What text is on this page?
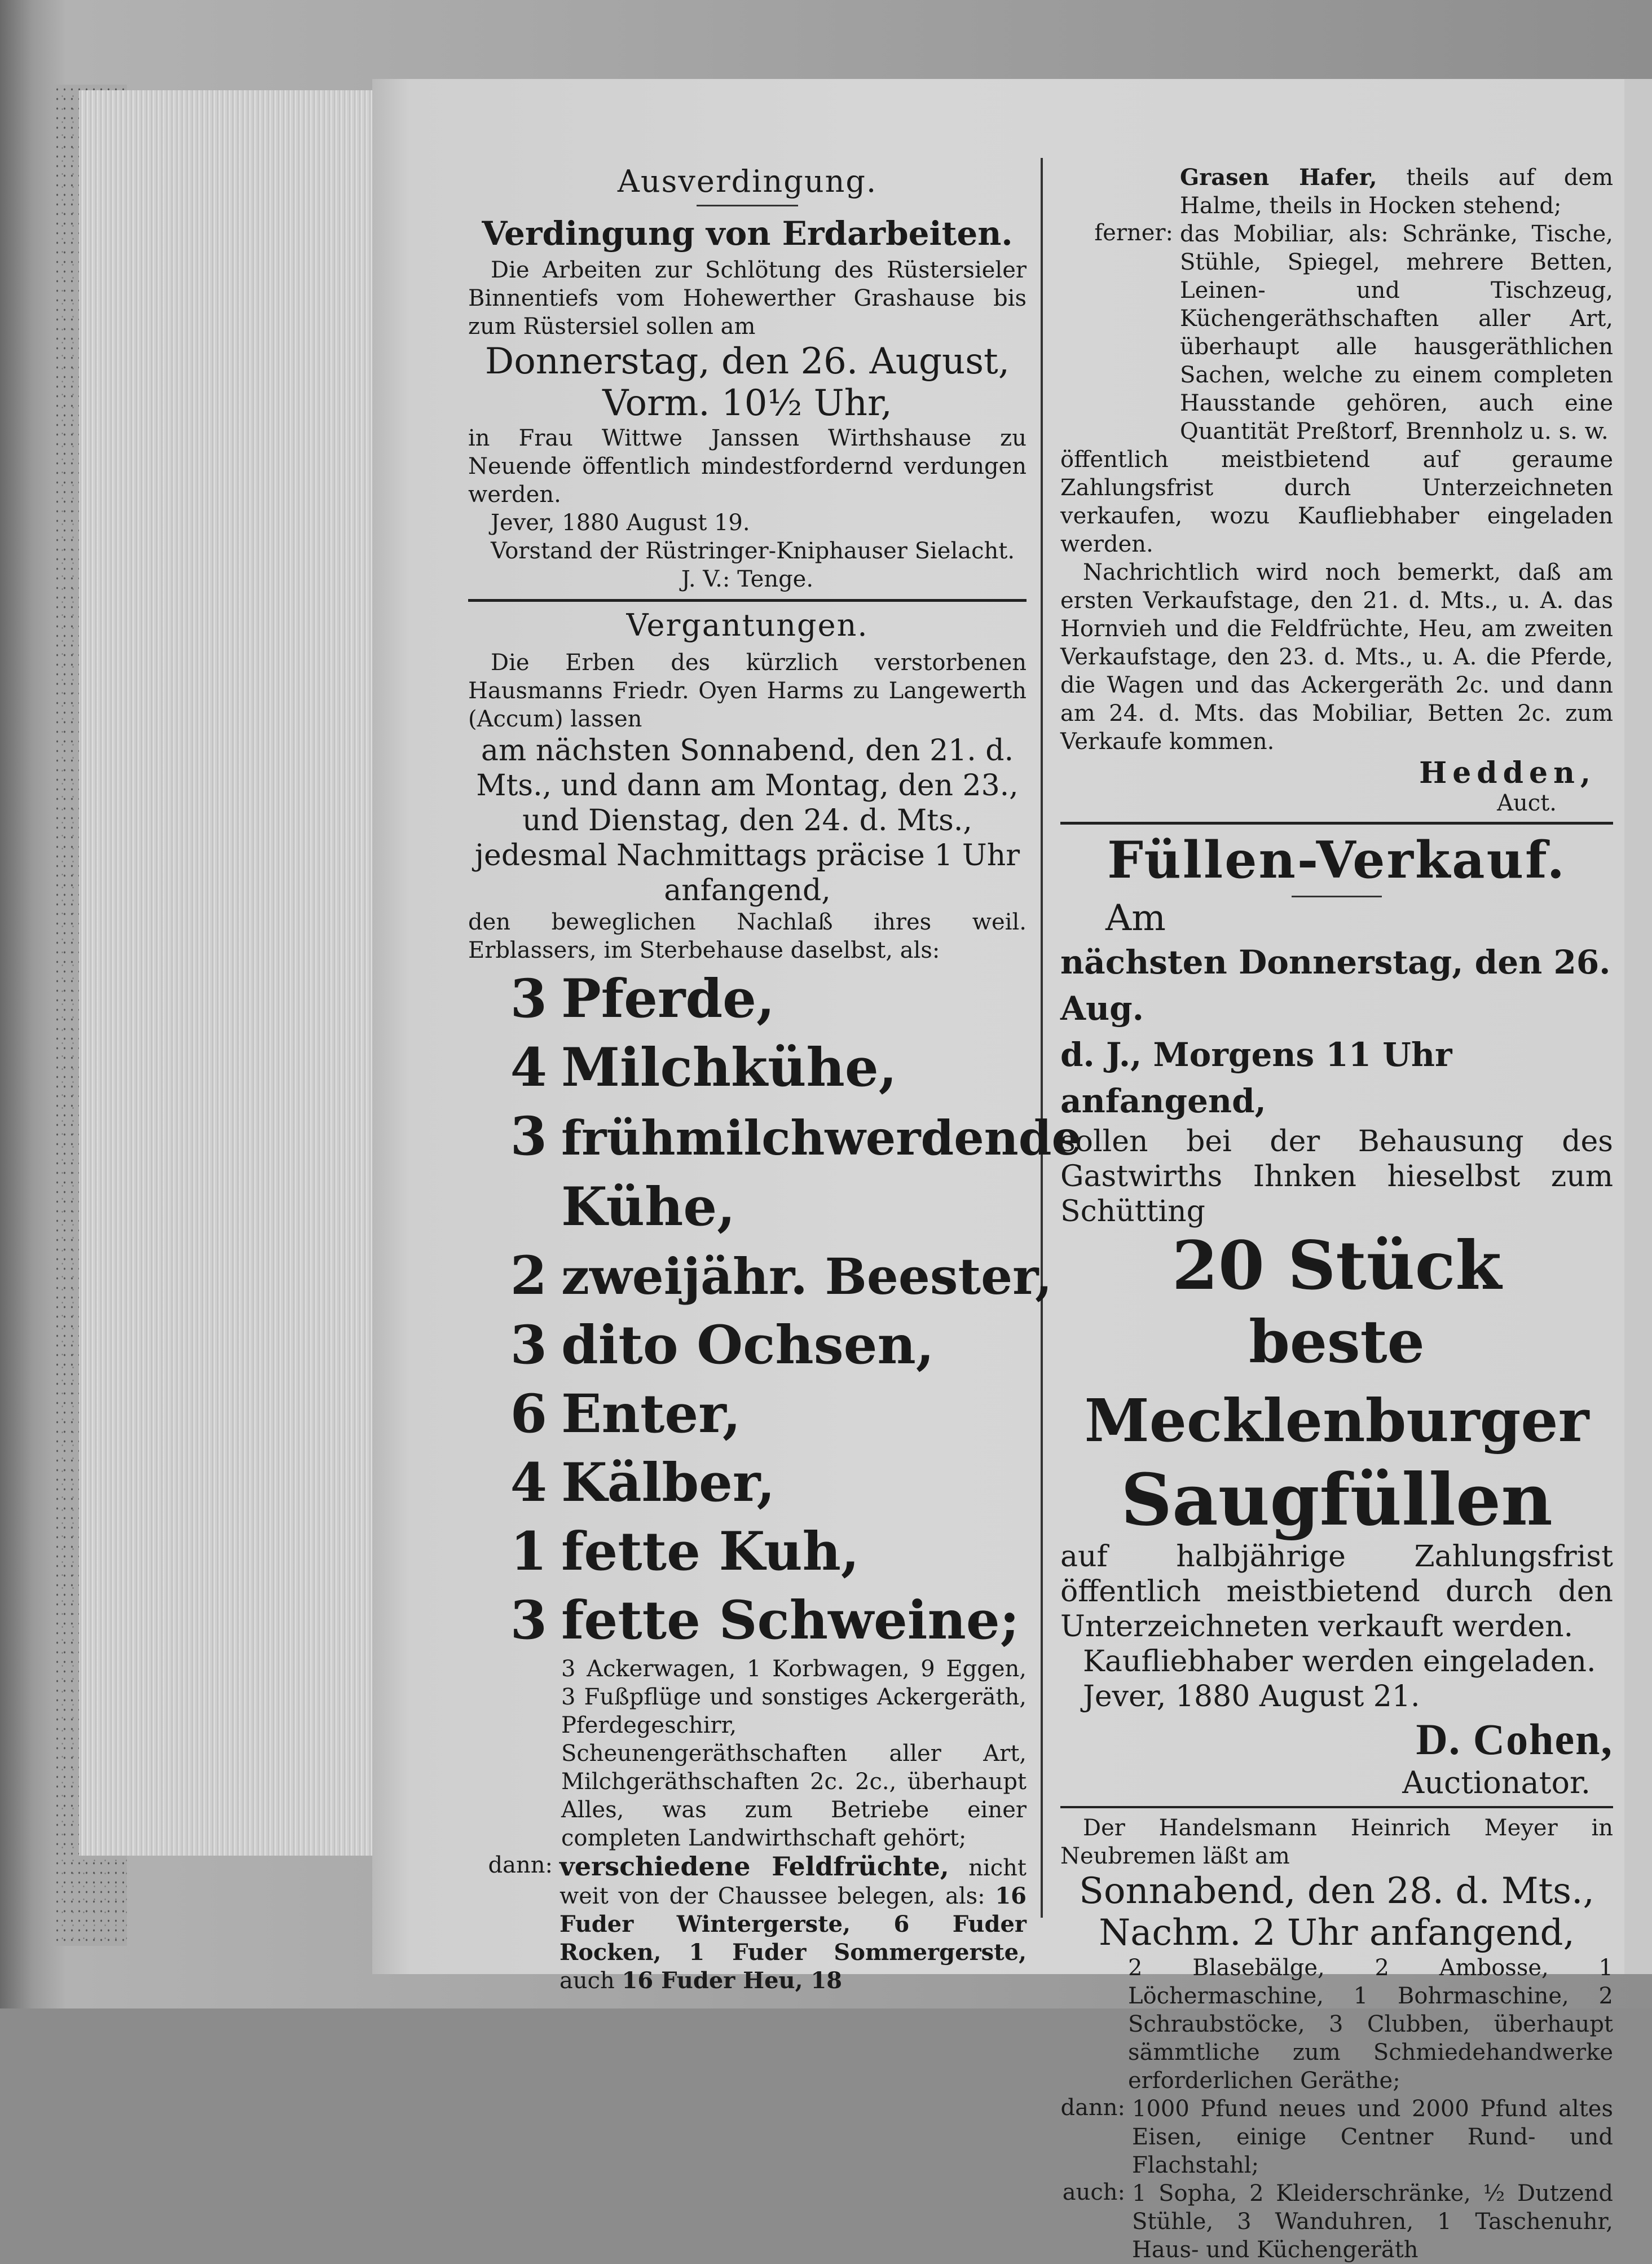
Ausverdingung.
Verdingung von Erdarbeiten.

Die Arbeiten zur Schlötung des Rüstersieler Binnentiefs vom Hohewerther Grashause bis zum Rüstersiel sollen am

Donnerstag, den 26. August,

Vorm. 10½ Uhr,

in Frau Wittwe Janssen Wirthshause zu Neuende öffentlich mindestfordernd verdungen werden.

Jever, 1880 August 19.

Vorstand der Rüstringer-Kniphauser Sielacht.

J. V.: Tenge.

Vergantungen.

Die Erben des kürzlich verstorbenen Hausmanns Friedr. Oyen Harms zu Langewerth (Accum) lassen

am nächsten Sonnabend, den 21. d.

Mts., und dann am Montag, den 23.,

und Dienstag, den 24. d. Mts.,

jedesmal Nachmittags präcise 1 Uhr

anfangend,

den beweglichen Nachlaß ihres weil. Erblassers, im Sterbehause daselbst, als:

3 Pferde,

4 Milchkühe,

3 frühmilchwerdende

Kühe,

2 zweijähr. Beester,

3 dito Ochsen,

6 Enter,

4 Kälber,

1 fette Kuh,

3 fette Schweine;

3 Ackerwagen, 1 Korbwagen, 9 Eggen, 3 Fußpflüge und sonstiges Ackergeräth, Pferdegeschirr, Scheunengeräthschaften aller Art, Milchgeräthschaften 2c. 2c., überhaupt Alles, was zum Betriebe einer completen Landwirthschaft gehört;

dann: verschiedene Feldfrüchte, nicht weit von der Chaussee belegen, als: 16 Fuder Wintergerste, 6 Fuder Rocken, 1 Fuder Sommergerste, auch 16 Fuder Heu, 18
Grasen Hafer, theils auf dem Halme, theils in Hocken stehend;
ferner: das Mobiliar, als: Schränke, Tische, Stühle, Spiegel, mehrere Betten, Leinen- und Tischzeug, Küchengeräthschaften aller Art, überhaupt alle hausgeräthlichen Sachen, welche zu einem completen Hausstande gehören, auch eine Quantität Preßtorf, Brennholz u. s. w.

öffentlich meistbietend auf geraume Zahlungsfrist durch Unterzeichneten verkaufen, wozu Kaufliebhaber eingeladen werden.

Nachrichtlich wird noch bemerkt, daß am ersten Verkaufstage, den 21. d. Mts., u. A. das Hornvieh und die Feldfrüchte, Heu, am zweiten Verkaufstage, den 23. d. Mts., u. A. die Pferde, die Wagen und das Ackergeräth 2c. und dann am 24. d. Mts. das Mobiliar, Betten 2c. zum Verkaufe kommen.

Hedden,
Auct.
Füllen-Verkauf.

Am

nächsten Donnerstag, den 26. Aug.

d. J., Morgens 11 Uhr anfangend,

sollen bei der Behausung des Gastwirths Ihnken hieselbst zum Schütting

20 Stück

beste Mecklenburger

Saugfüllen

auf halbjährige Zahlungsfrist öffentlich meistbietend durch den Unterzeichneten verkauft werden.

Kaufliebhaber werden eingeladen.

Jever, 1880 August 21.

D. Cohen,

Auctionator.

Der Handelsmann Heinrich Meyer in Neubremen läßt am

Sonnabend, den 28. d. Mts.,

Nachm. 2 Uhr anfangend,

2 Blasebälge, 2 Ambosse, 1 Löchermaschine, 1 Bohrmaschine, 2 Schraubstöcke, 3 Clubben, überhaupt sämmtliche zum Schmiedehandwerke erforderlichen Geräthe;

dann: 1000 Pfund neues und 2000 Pfund altes Eisen, einige Centner Rund- und Flachstahl;
auch: 1 Sopha, 2 Kleiderschränke, ½ Dutzend Stühle, 3 Wanduhren, 1 Taschenuhr, Haus- und Küchengeräth
